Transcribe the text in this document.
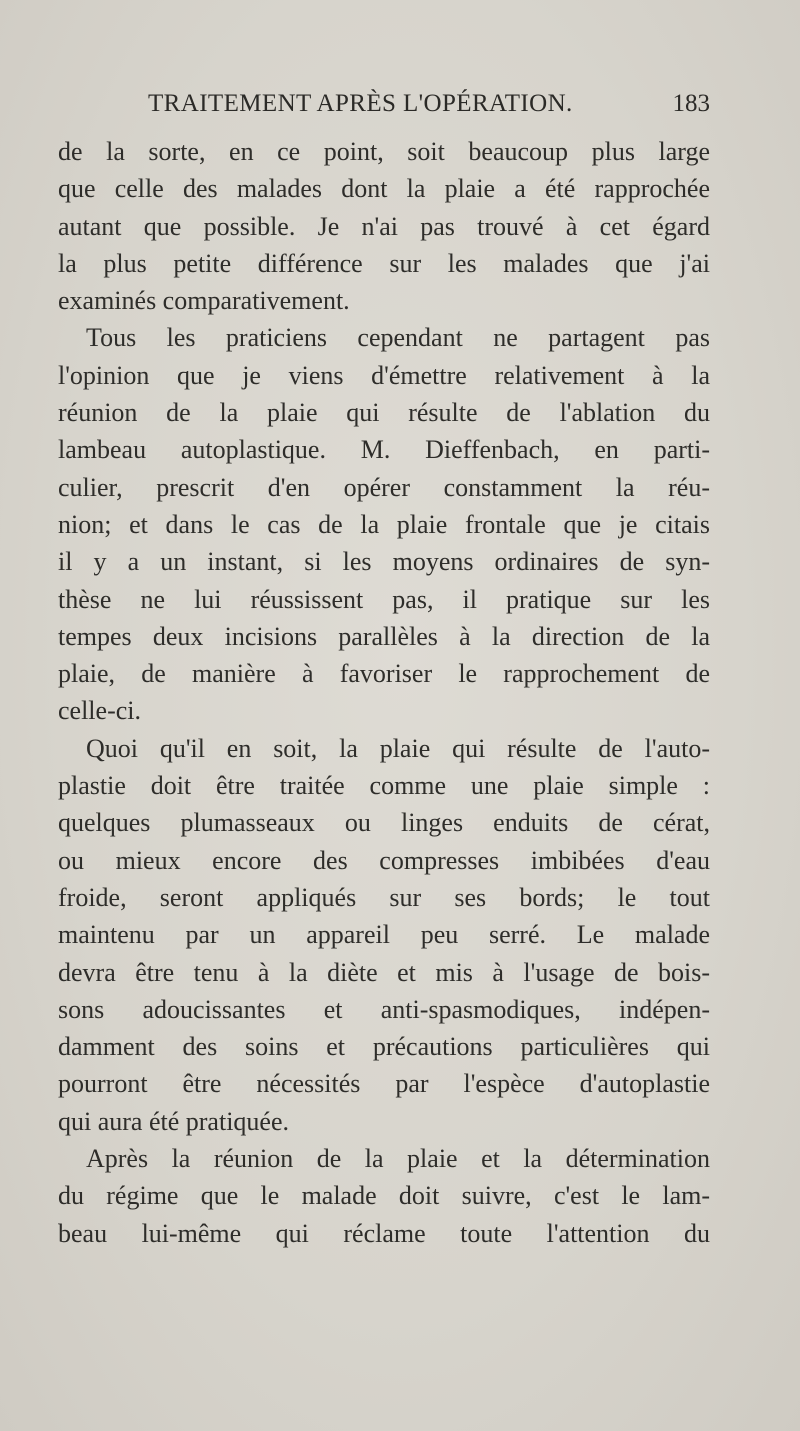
TRAITEMENT APRÈS L'OPÉRATION.	183
de la sorte, en ce point, soit beaucoup plus large
que celle des malades dont la plaie a été rapprochée
autant que possible. Je n'ai pas trouvé à cet égard
la plus petite différence sur les malades que j'ai
examinés comparativement.
Tous les praticiens cependant ne partagent pas
l'opinion que je viens d'émettre relativement à la
réunion de la plaie qui résulte de l'ablation du
lambeau autoplastique. M. Dieffenbach, en parti-
culier, prescrit d'en opérer constamment la réu-
nion; et dans le cas de la plaie frontale que je citais
il y a un instant, si les moyens ordinaires de syn-
thèse ne lui réussissent pas, il pratique sur les
tempes deux incisions parallèles à la direction de la
plaie, de manière à favoriser le rapprochement de
celle-ci.
Quoi qu'il en soit, la plaie qui résulte de l'auto-
plastie doit être traitée comme une plaie simple :
quelques plumasseaux ou linges enduits de cérat,
ou mieux encore des compresses imbibées d'eau
froide, seront appliqués sur ses bords; le tout
maintenu par un appareil peu serré. Le malade
devra être tenu à la diète et mis à l'usage de bois-
sons adoucissantes et anti-spasmodiques, indépen-
damment des soins et précautions particulières qui
pourront être nécessités par l'espèce d'autoplastie
qui aura été pratiquée.
Après la réunion de la plaie et la détermination
du régime que le malade doit suivre, c'est le lam-
beau lui-même qui réclame toute l'attention du
